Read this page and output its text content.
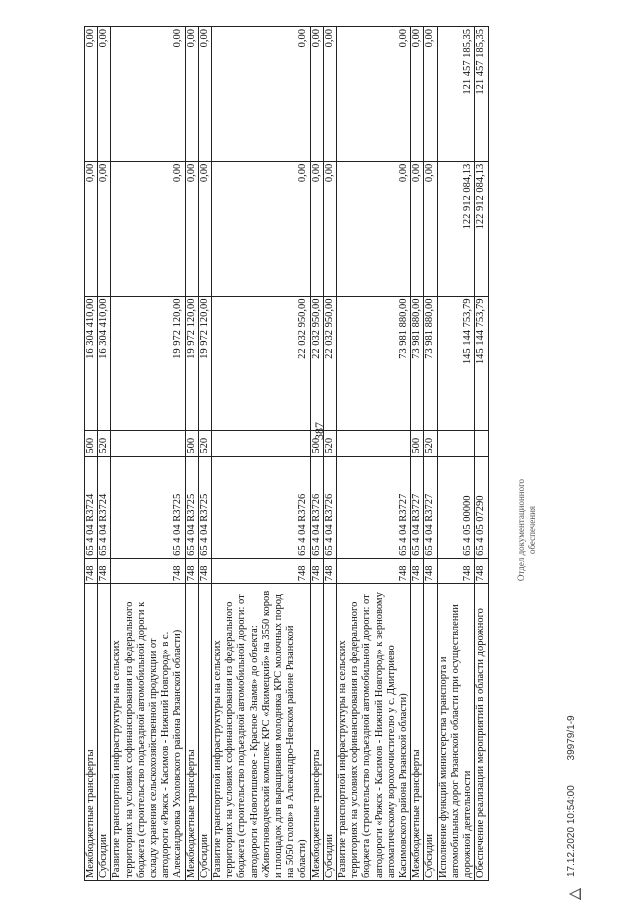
387
Межбюджетные трансферты	748	65 4 04 R3724	500	16 304 410,00	0,00	0,00
Субсидии	748	65 4 04 R3724	520	16 304 410,00	0,00	0,00
Развитие транспортной инфраструктуры на сельских территориях на условиях софинансирования из федерального бюджета (строительство подъездной автомобильной дороги к складу хранения сельскохозяйственной продукции от автодороги «Ряжск - Касимов - Нижний Новгород» в с. Александровка Ухоловского района Рязанской области)	748	65 4 04 R3725		19 972 120,00	0,00	0,00
Межбюджетные трансферты	748	65 4 04 R3725	500	19 972 120,00	0,00	0,00
Субсидии	748	65 4 04 R3725	520	19 972 120,00	0,00	0,00
Развитие транспортной инфраструктуры на сельских территориях на условиях софинансирования из федерального бюджета (строительство подъездной автомобильной дороги: от автодороги «Новотишевое - Красное Знамя» до объекта: «Животноводческий комплекс КРС «Якимецкий» на 3550 коров и площадок для выращивания молодняка КРС молочных пород на 5050 голов» в Александро-Невском районе Рязанской области)	748	65 4 04 R3726		22 032 950,00	0,00	0,00
Межбюджетные трансферты	748	65 4 04 R3726	500	22 032 950,00	0,00	0,00
Субсидии	748	65 4 04 R3726	520	22 032 950,00	0,00	0,00
Развитие транспортной инфраструктуры на сельских территориях на условиях софинансирования из федерального бюджета (строительство подъездной автомобильной дороги: от автодороги «Ряжск - Касимов - Нижний Новгород» к зерновому автоматическому ворохоочистителю у с. Дмитриево Касимовского района Рязанской области)	748	65 4 04 R3727		73 981 880,00	0,00	0,00
Межбюджетные трансферты	748	65 4 04 R3727	500	73 981 880,00	0,00	0,00
Субсидии	748	65 4 04 R3727	520	73 981 880,00	0,00	0,00
Исполнение функций министерства транспорта и автомобильных дорог Рязанской области при осуществлении дорожной деятельности	748	65 4 05 00000		145 144 753,79	122 912 084,13	121 457 185,35
Обеспечение реализации мероприятий в области дорожного	748	65 4 05 07290		145 144 753,79	122 912 084,13	121 457 185,35
Отдел документационного обеспечения
17.12.2020 10:54:00 39979/1-9
